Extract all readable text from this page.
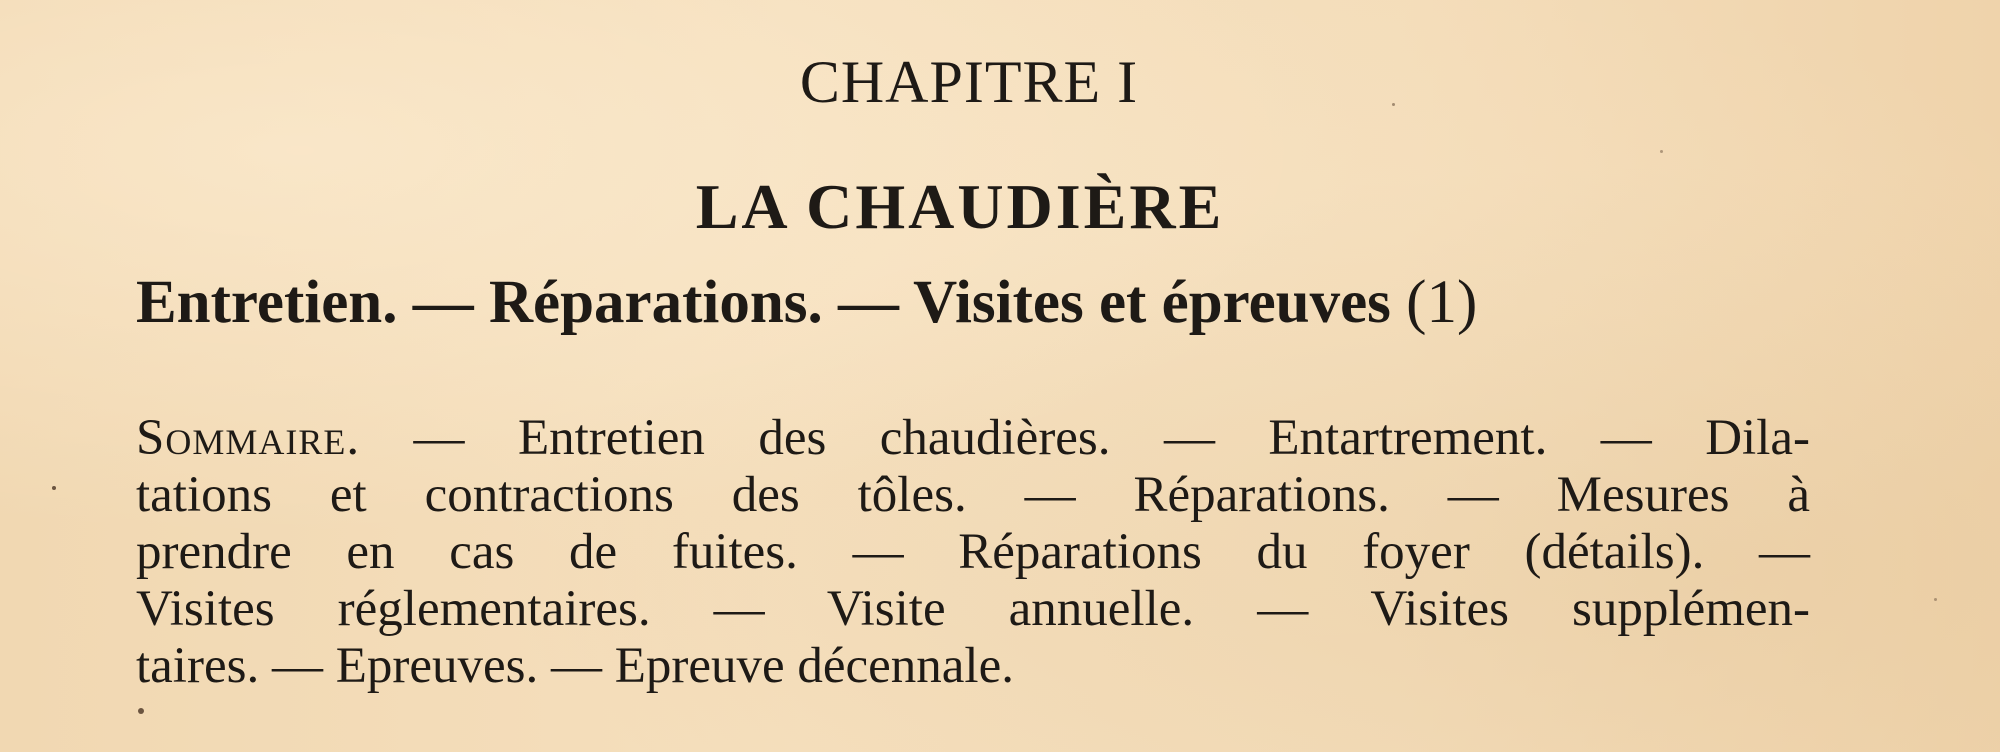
CHAPITRE I
LA CHAUDIÈRE
Entretien. — Réparations. — Visites et épreuves (1)
Sommaire. — Entretien des chaudières. — Entartrement. — Dila-
tations et contractions des tôles. — Réparations. — Mesures à
prendre en cas de fuites. — Réparations du foyer (détails). —
Visites réglementaires. — Visite annuelle. — Visites supplémen-
taires. — Epreuves. — Epreuve décennale.
